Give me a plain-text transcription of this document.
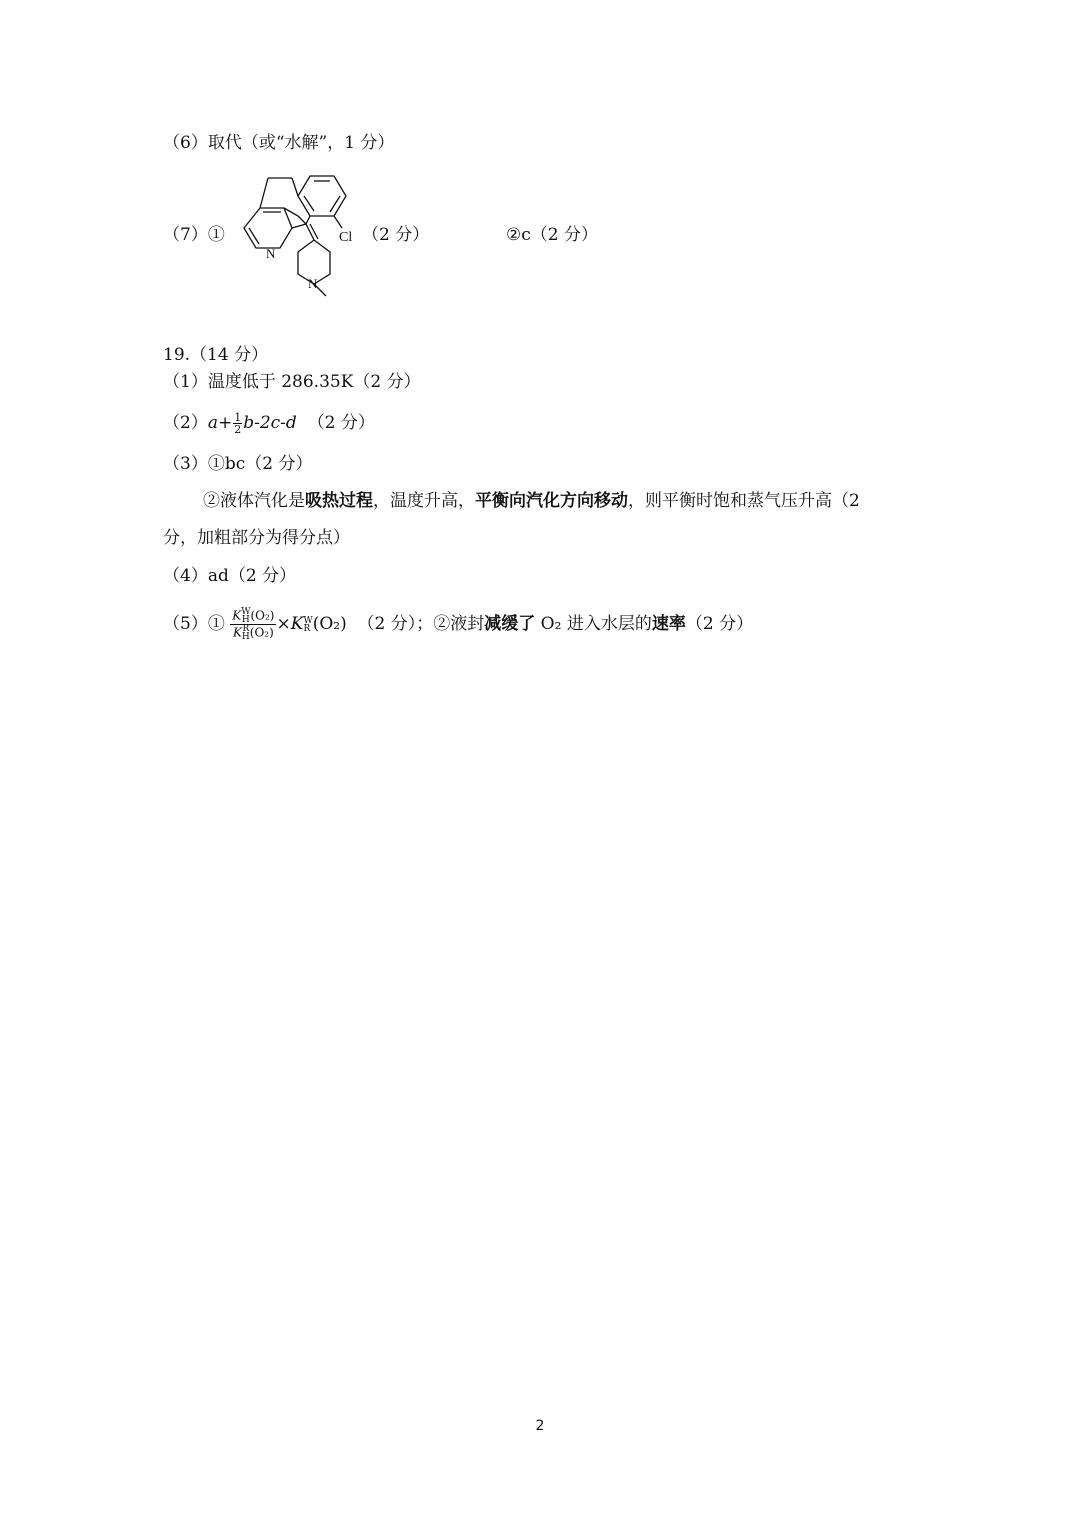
（6）取代（或“水解”，1 分）
（7）①	Cl
N
N
（2 分）	②c（2 分）
19.（14 分）
（1）温度低于 286.35K（2 分）
$(2)a+ \frac{1}{2} b-2c-d$ （2 分）
（3）①bc（2 分）
②液体汽化是吸热过程，温度升高，平衡向汽化方向移动，则平衡时饱和蒸气压升高（2
分，加粗部分为得分点）
（4）ad（2 分）
（5）① K W
H (O₂)
K R
H (O₂) ×K W
R (O₂) （2 分）；②液封减缓了 O₂ 进入水层的速率（2 分）
2
